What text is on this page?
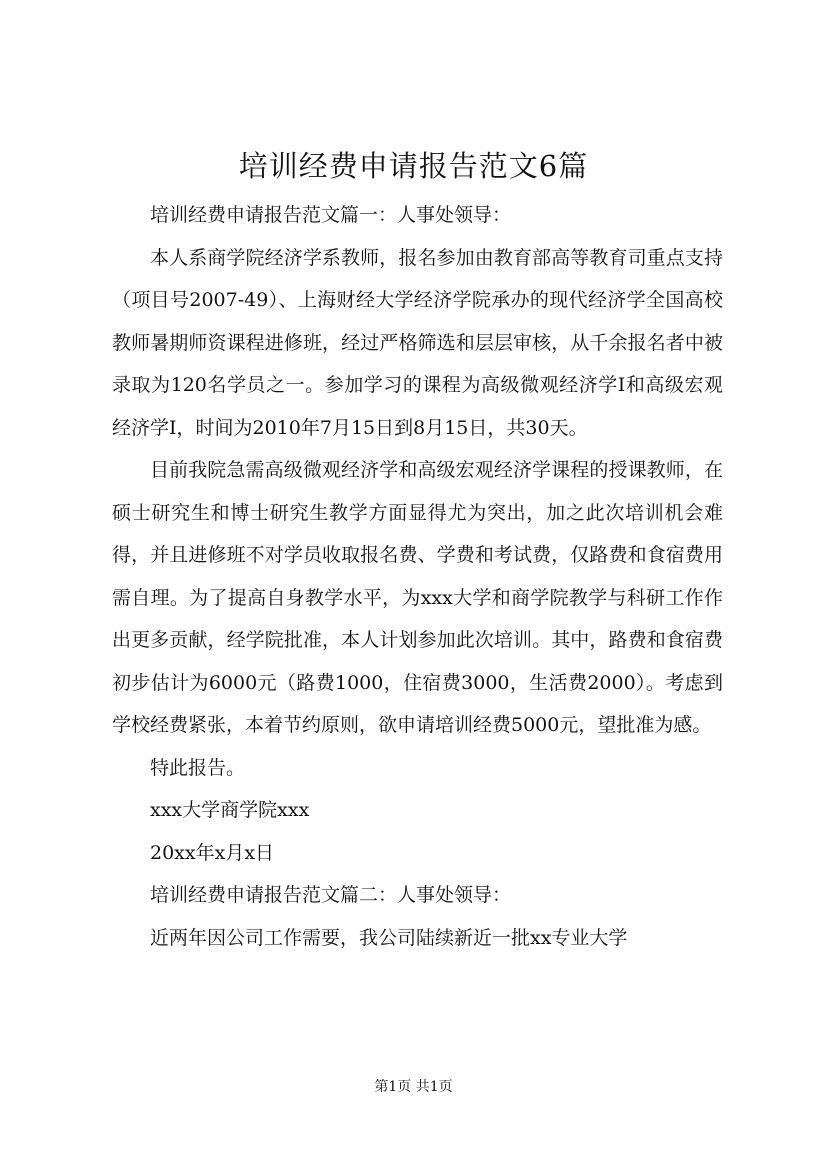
培训经费申请报告范文6篇

培训经费申请报告范文篇一：人事处领导：

本人系商学院经济学系教师，报名参加由教育部高等教育司重点支持（项目号2007-49）、上海财经大学经济学院承办的现代经济学全国高校教师暑期师资课程进修班，经过严格筛选和层层审核，从千余报名者中被录取为120名学员之一。参加学习的课程为高级微观经济学Ⅰ和高级宏观经济学Ⅰ，时间为2010年7月15日到8月15日，共30天。

目前我院急需高级微观经济学和高级宏观经济学课程的授课教师，在硕士研究生和博士研究生教学方面显得尤为突出，加之此次培训机会难得，并且进修班不对学员收取报名费、学费和考试费，仅路费和食宿费用需自理。为了提高自身教学水平，为xxx大学和商学院教学与科研工作作出更多贡献，经学院批准，本人计划参加此次培训。其中，路费和食宿费初步估计为6000元（路费1000，住宿费3000，生活费2000）。考虑到学校经费紧张，本着节约原则，欲申请培训经费5000元，望批准为感。

特此报告。

xxx大学商学院xxx

20xx年x月x日

培训经费申请报告范文篇二：人事处领导：

近两年因公司工作需要，我公司陆续新近一批xx专业大学

第1页 共1页
